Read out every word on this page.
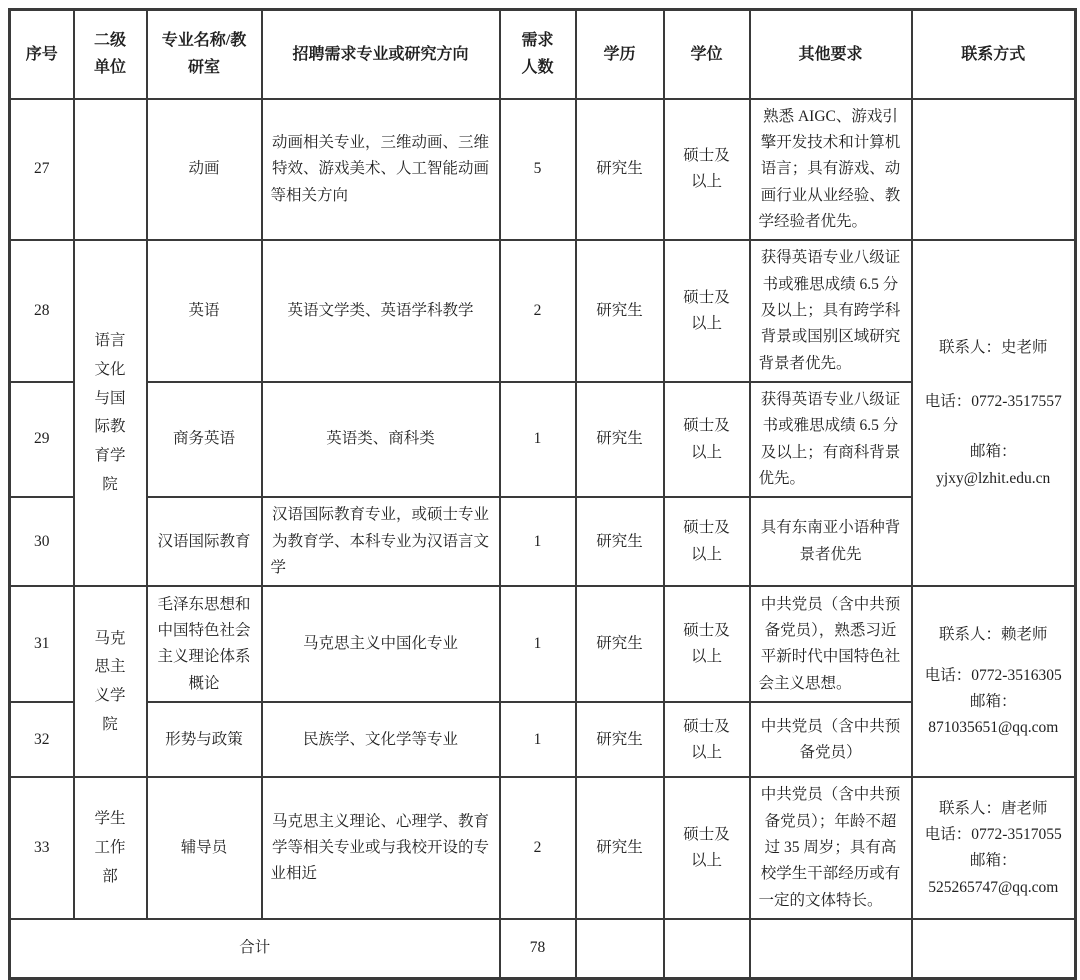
序号	二级单位	专业名称/教研室	招聘需求专业或研究方向	需求人数	学历	学位	其他要求	联系方式
27		动画	动画相关专业，三维动画、三维特效、游戏美术、人工智能动画等相关方向	5	研究生	硕士及以上	熟悉 AIGC、游戏引擎开发技术和计算机语言；具有游戏、动画行业从业经验、教学经验者优先。	
28	语言文化与国际教育学院	英语	英语文学类、英语学科教学	2	研究生	硕士及以上	获得英语专业八级证书或雅思成绩 6.5 分及以上；具有跨学科背景或国别区域研究背景者优先。	联系人：史老师
电话：0772-3517557
邮箱：
yjxy@lzhit.edu.cn

29		商务英语	英语类、商科类	1	研究生	硕士及以上	获得英语专业八级证书或雅思成绩 6.5 分及以上；有商科背景优先。	
30		汉语国际教育	汉语国际教育专业，或硕士专业为教育学、本科专业为汉语言文学	1	研究生	硕士及以上	具有东南亚小语种背景者优先	
31	马克思主义学院	毛泽东思想和中国特色社会主义理论体系概论	马克思主义中国化专业	1	研究生	硕士及以上	中共党员（含中共预备党员），熟悉习近平新时代中国特色社会主义思想。	联系人：赖老师
电话：0772-3516305
邮箱：
871035651@qq.com

32		形势与政策	民族学、文化学等专业	1	研究生	硕士及以上	中共党员（含中共预备党员）	
33	学生工作部	辅导员	马克思主义理论、心理学、教育学等相关专业或与我校开设的专业相近	2	研究生	硕士及以上	中共党员（含中共预备党员）；年龄不超过 35 周岁；具有高校学生干部经历或有一定的文体特长。	联系人：唐老师
电话：0772-3517055
邮箱：
525265747@qq.com

合计				78				
